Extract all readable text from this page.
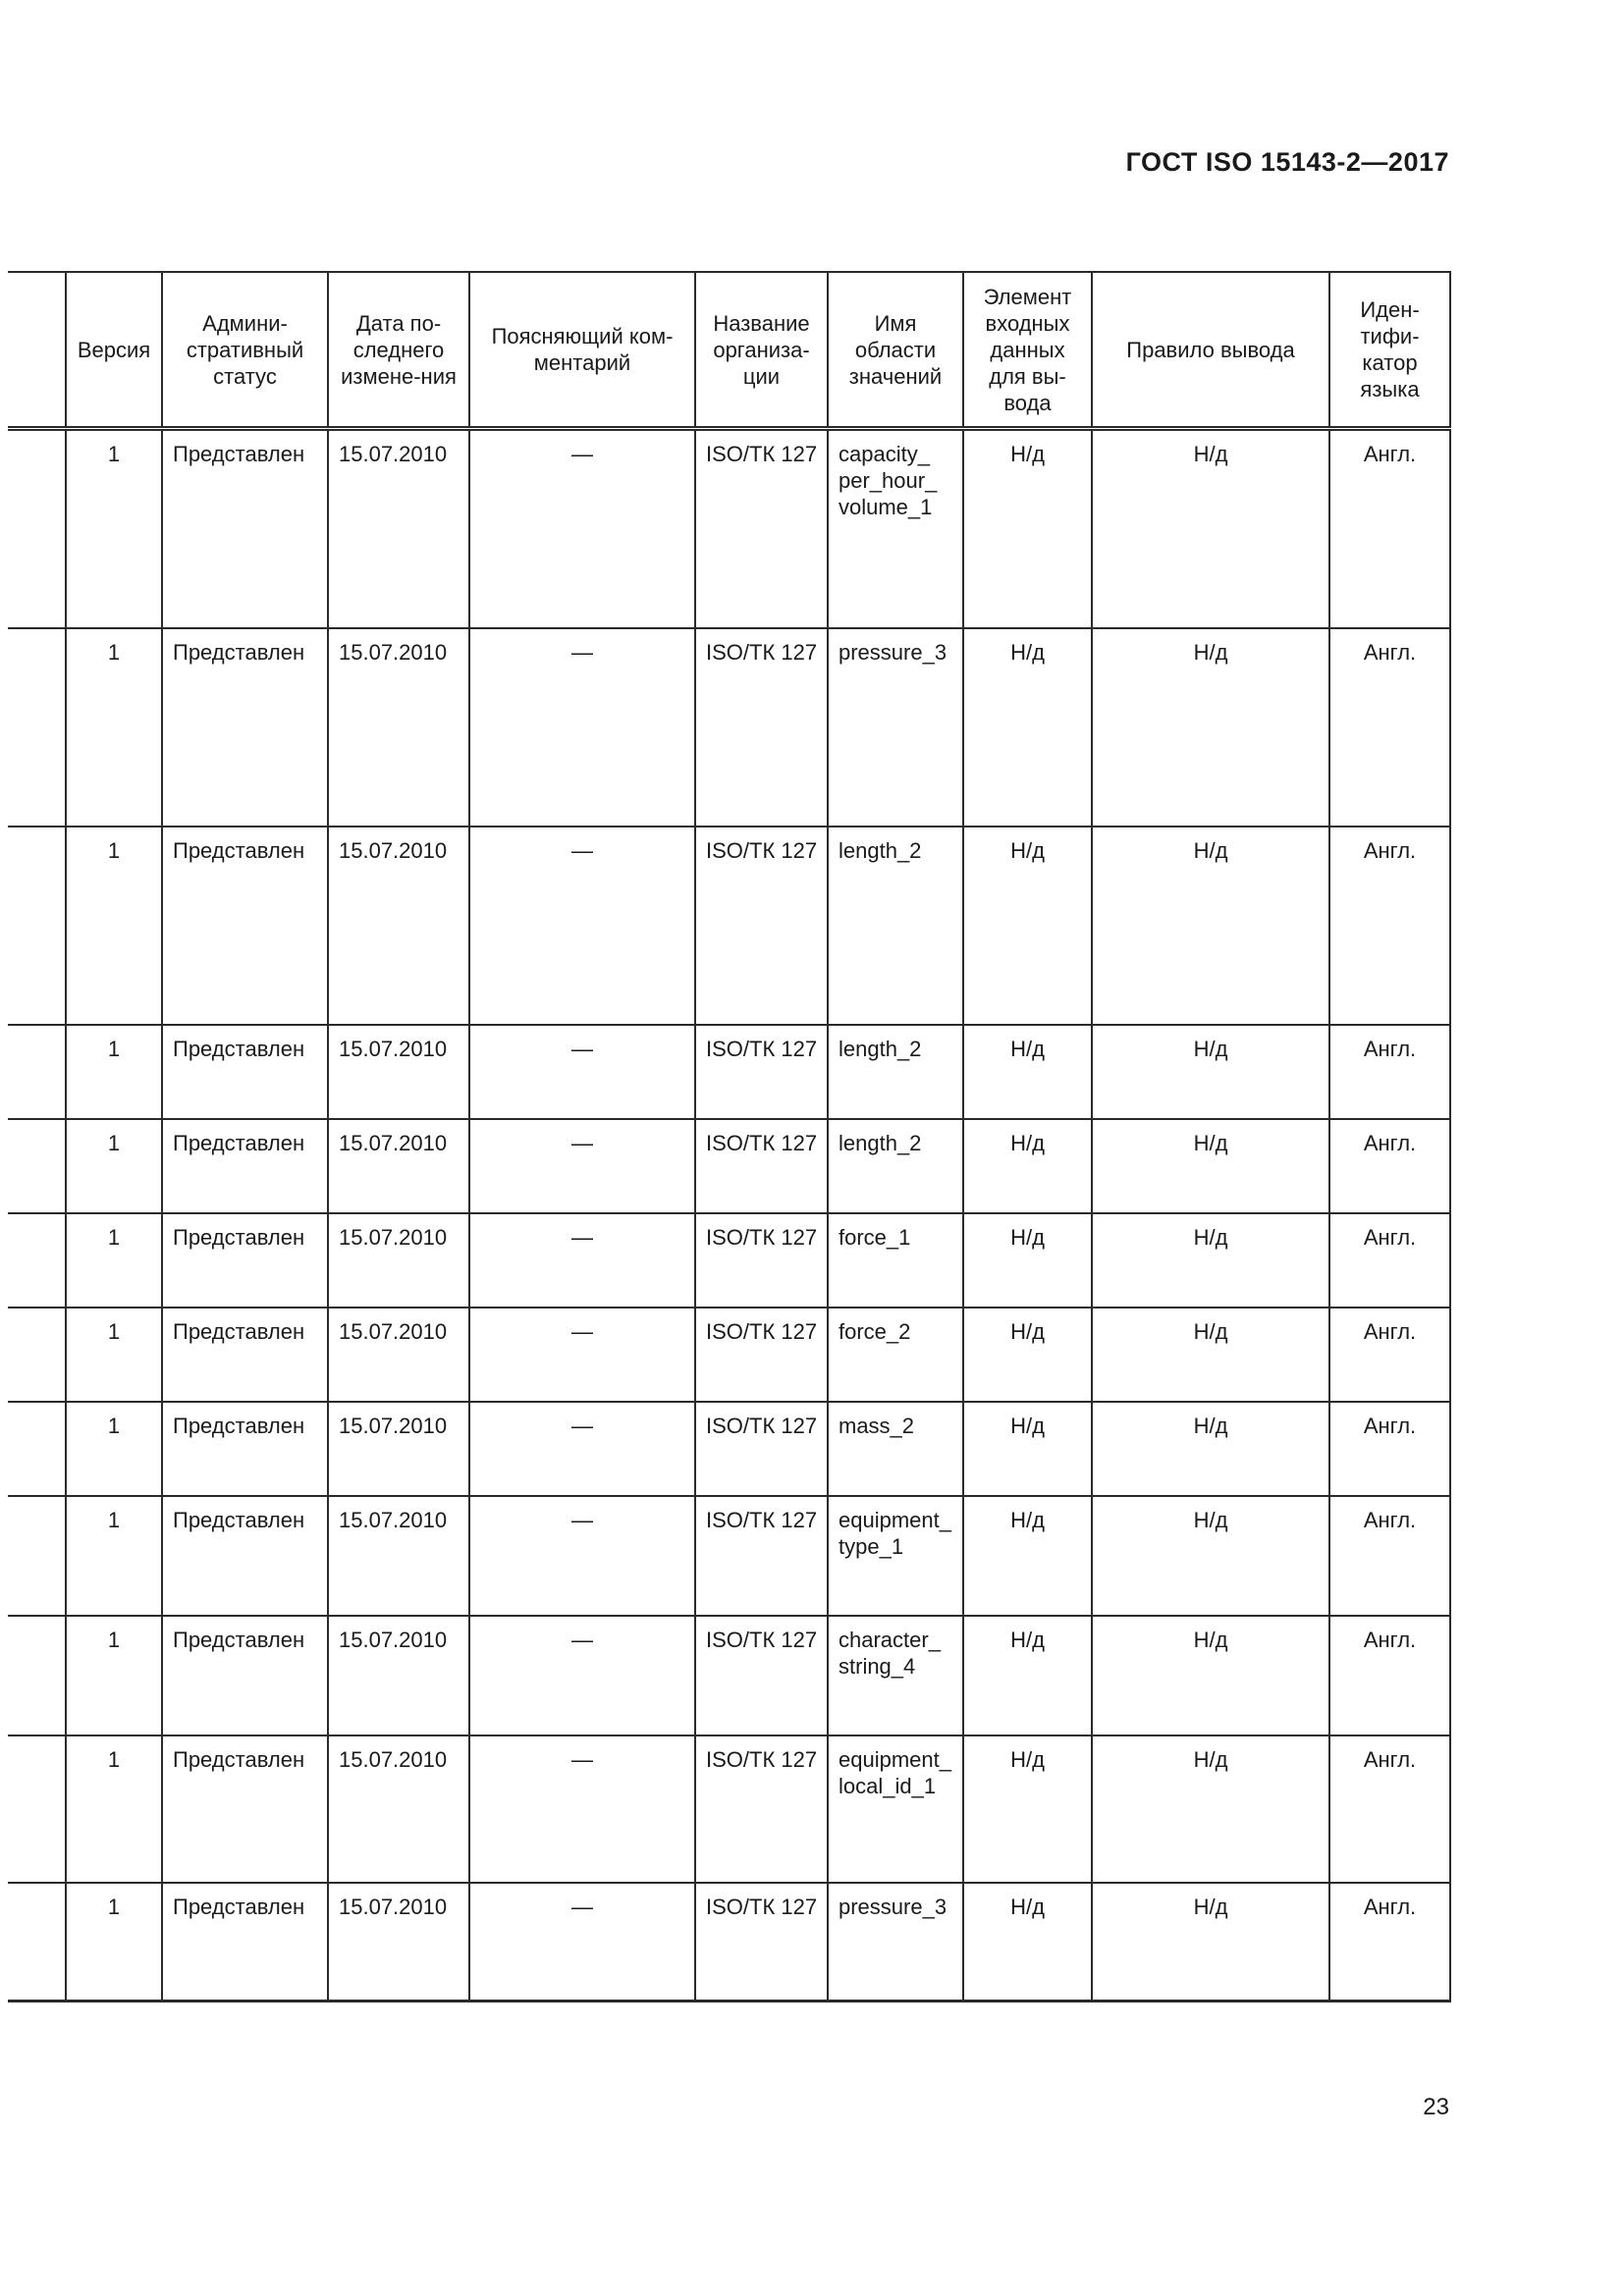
ГОСТ ISO 15143-2—2017
	Версия	Админи-стративный статус	Дата по-следнего измене-ния	Поясняющий ком-ментарий	Название организа-ции	Имя области значений	Элемент входных данных для вы-вода	Правило вывода	Иден-тифи-катор языка
	1	Представлен	15.07.2010	—	ISO/ТК 127	capacity_ per_hour_ volume_1	Н/д	Н/д	Англ.
	1	Представлен	15.07.2010	—	ISO/ТК 127	pressure_3	Н/д	Н/д	Англ.
	1	Представлен	15.07.2010	—	ISO/ТК 127	length_2	Н/д	Н/д	Англ.
	1	Представлен	15.07.2010	—	ISO/ТК 127	length_2	Н/д	Н/д	Англ.
	1	Представлен	15.07.2010	—	ISO/ТК 127	length_2	Н/д	Н/д	Англ.
	1	Представлен	15.07.2010	—	ISO/ТК 127	force_1	Н/д	Н/д	Англ.
	1	Представлен	15.07.2010	—	ISO/ТК 127	force_2	Н/д	Н/д	Англ.
	1	Представлен	15.07.2010	—	ISO/ТК 127	mass_2	Н/д	Н/д	Англ.
	1	Представлен	15.07.2010	—	ISO/ТК 127	equipment_ type_1	Н/д	Н/д	Англ.
	1	Представлен	15.07.2010	—	ISO/ТК 127	character_ string_4	Н/д	Н/д	Англ.
	1	Представлен	15.07.2010	—	ISO/ТК 127	equipment_ local_id_1	Н/д	Н/д	Англ.
	1	Представлен	15.07.2010	—	ISO/ТК 127	pressure_3	Н/д	Н/д	Англ.
23
